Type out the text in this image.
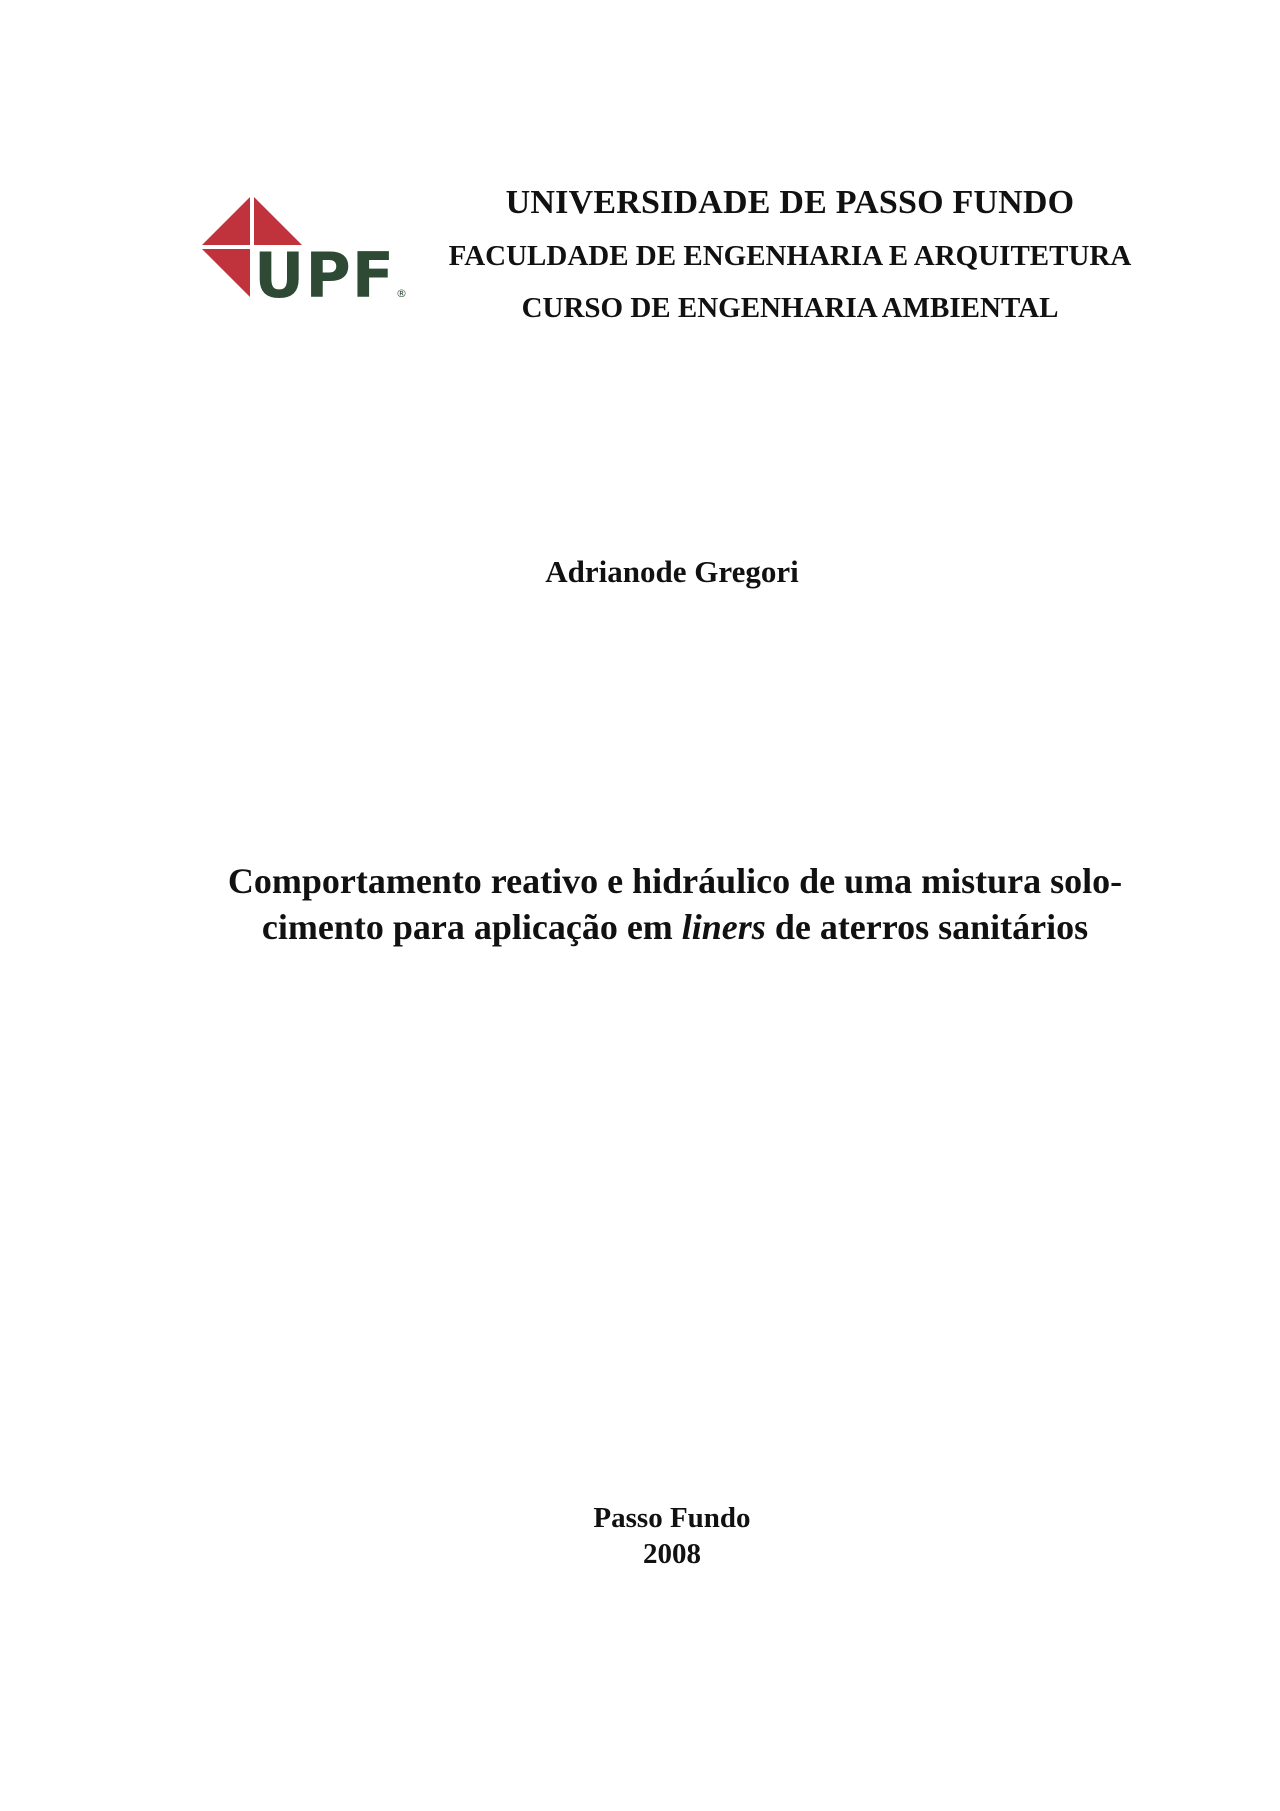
UPF ®
UNIVERSIDADE DE PASSO FUNDO
FACULDADE DE ENGENHARIA E ARQUITETURA
CURSO DE ENGENHARIA AMBIENTAL
Adrianode Gregori
Comportamento reativo e hidráulico de uma mistura solo-
cimento para aplicação em liners de aterros sanitários
Passo Fundo
2008
